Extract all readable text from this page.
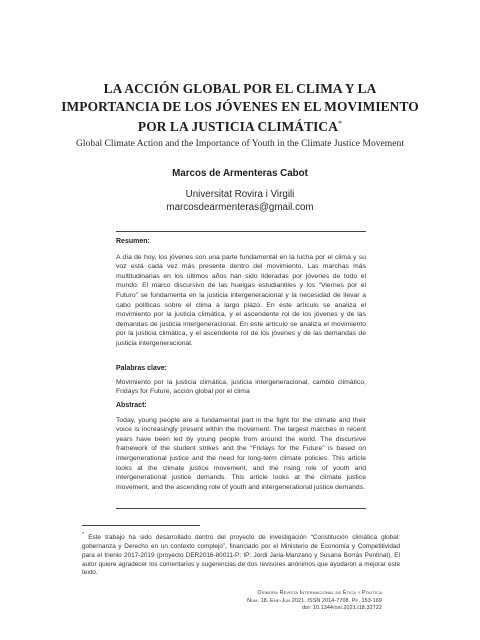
LA ACCIÓN GLOBAL POR EL CLIMA Y LA IMPORTANCIA DE LOS JÓVENES EN EL MOVIMIENTO POR LA JUSTICIA CLIMÁTICA*
Global Climate Action and the Importance of Youth in the Climate Justice Movement
Marcos de Armenteras Cabot
Universitat Rovira i Virgili
marcosdearmenteras@gmail.com
Resumen:
A día de hoy, los jóvenes son una parte fundamental en la lucha por el clima y su voz está cada vez más presente dentro del movimiento. Las marchas más multitudinarias en los últimos años han sido lideradas por jóvenes de todo el mundo. El marco discursivo de las huelgas estudiantiles y los “Viernes por el Futuro” se fundamenta en la justicia intergeneracional y la necesidad de llevar a cabo políticas sobre el clima a largo plazo. En este artículo se analiza el movimiento por la justicia climática, y el ascendente rol de los jóvenes y de las demandas de justicia intergeneracional. En este artículo se analiza el movimiento por la justicia climática, y el ascendente rol de los jóvenes y de las demandas de justicia intergeneracional.
Palabras clave:
Movimiento por la justicia climática, justicia intergeneracional, cambio climático, Fridays for Future, acción global por el clima
Abstract:
Today, young people are a fundamental part in the fight for the climate and their voice is increasingly present within the movement. The largest marches in recent years have been led by young people from around the world. The discursive framework of the student strikes and the “Fridays for the Future” is based on intergenerational justice and the need for long-term climate policies. This article looks at the climate justice movement, and the rising role of youth and intergenerational justice demands. This article looks at the climate justice movement, and the ascending role of youth and intergenerational justice demands.
* Este trabajo ha sido desarrollado dentro del proyecto de investigación “Constitución climática global: gobernanza y Derecho en un contexto complejo”, financiado por el Ministerio de Economía y Competitividad para el trienio 2017-2019 (proyecto DER2016-80011-P; IP: Jordi Jaria-Manzano y Susana Borràs Pentinat). El autor quiere agradecer los comentarios y sugerencias de dos revisores anónimos que ayudaron a mejorar este texto.
Oxímora Revista Internacional de Ética y Política
Núm. 18. Ene-Jun 2021. ISSN 2014-7708. Pp. 153-169
doi: 10.1344/oxi.2021.i18.32722
